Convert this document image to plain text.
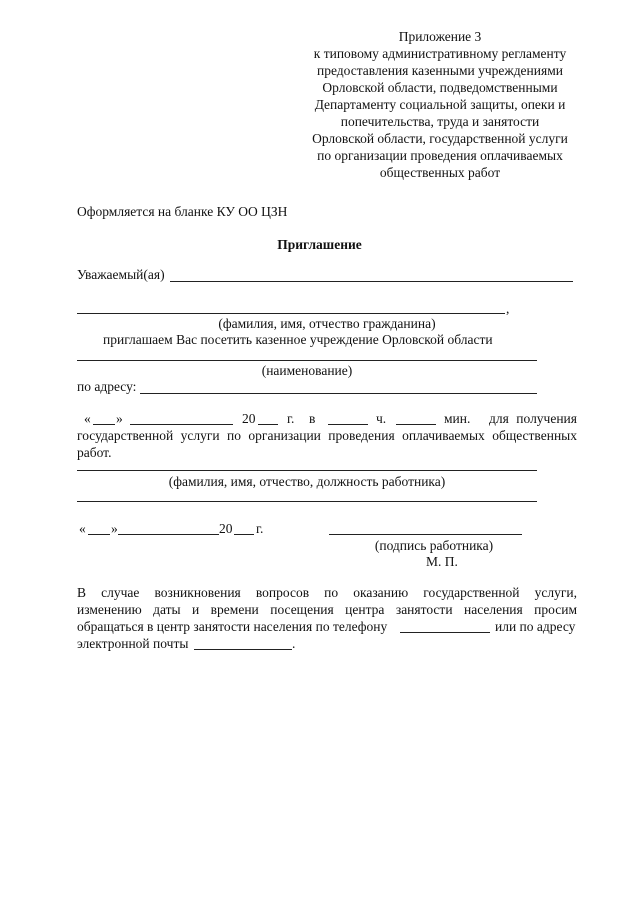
Приложение 3
к типовому административному регламенту
предоставления казенными учреждениями
Орловской области, подведомственными
Департаменту социальной защиты, опеки и
попечительства, труда и занятости
Орловской области, государственной услуги
по организации проведения оплачиваемых
общественных работ
Оформляется на бланке КУ ОО ЦЗН
Приглашение
Уважаемый(ая)
,
(фамилия, имя, отчество гражданина)
приглашаем Вас посетить казенное учреждение Орловской области
(наименование)
по адресу:
« »	20 г. в	ч.	мин. для получения
государственной услуги по организации проведения оплачиваемых общественных
работ.
(фамилия, имя, отчество, должность работника)
« »	20 г.
(подпись работника)
М. П.
В случае возникновения вопросов по оказанию государственной услуги,
изменению даты и времени посещения центра занятости населения просим
обращаться в центр занятости населения по телефону	или по адресу
электронной почты	.
